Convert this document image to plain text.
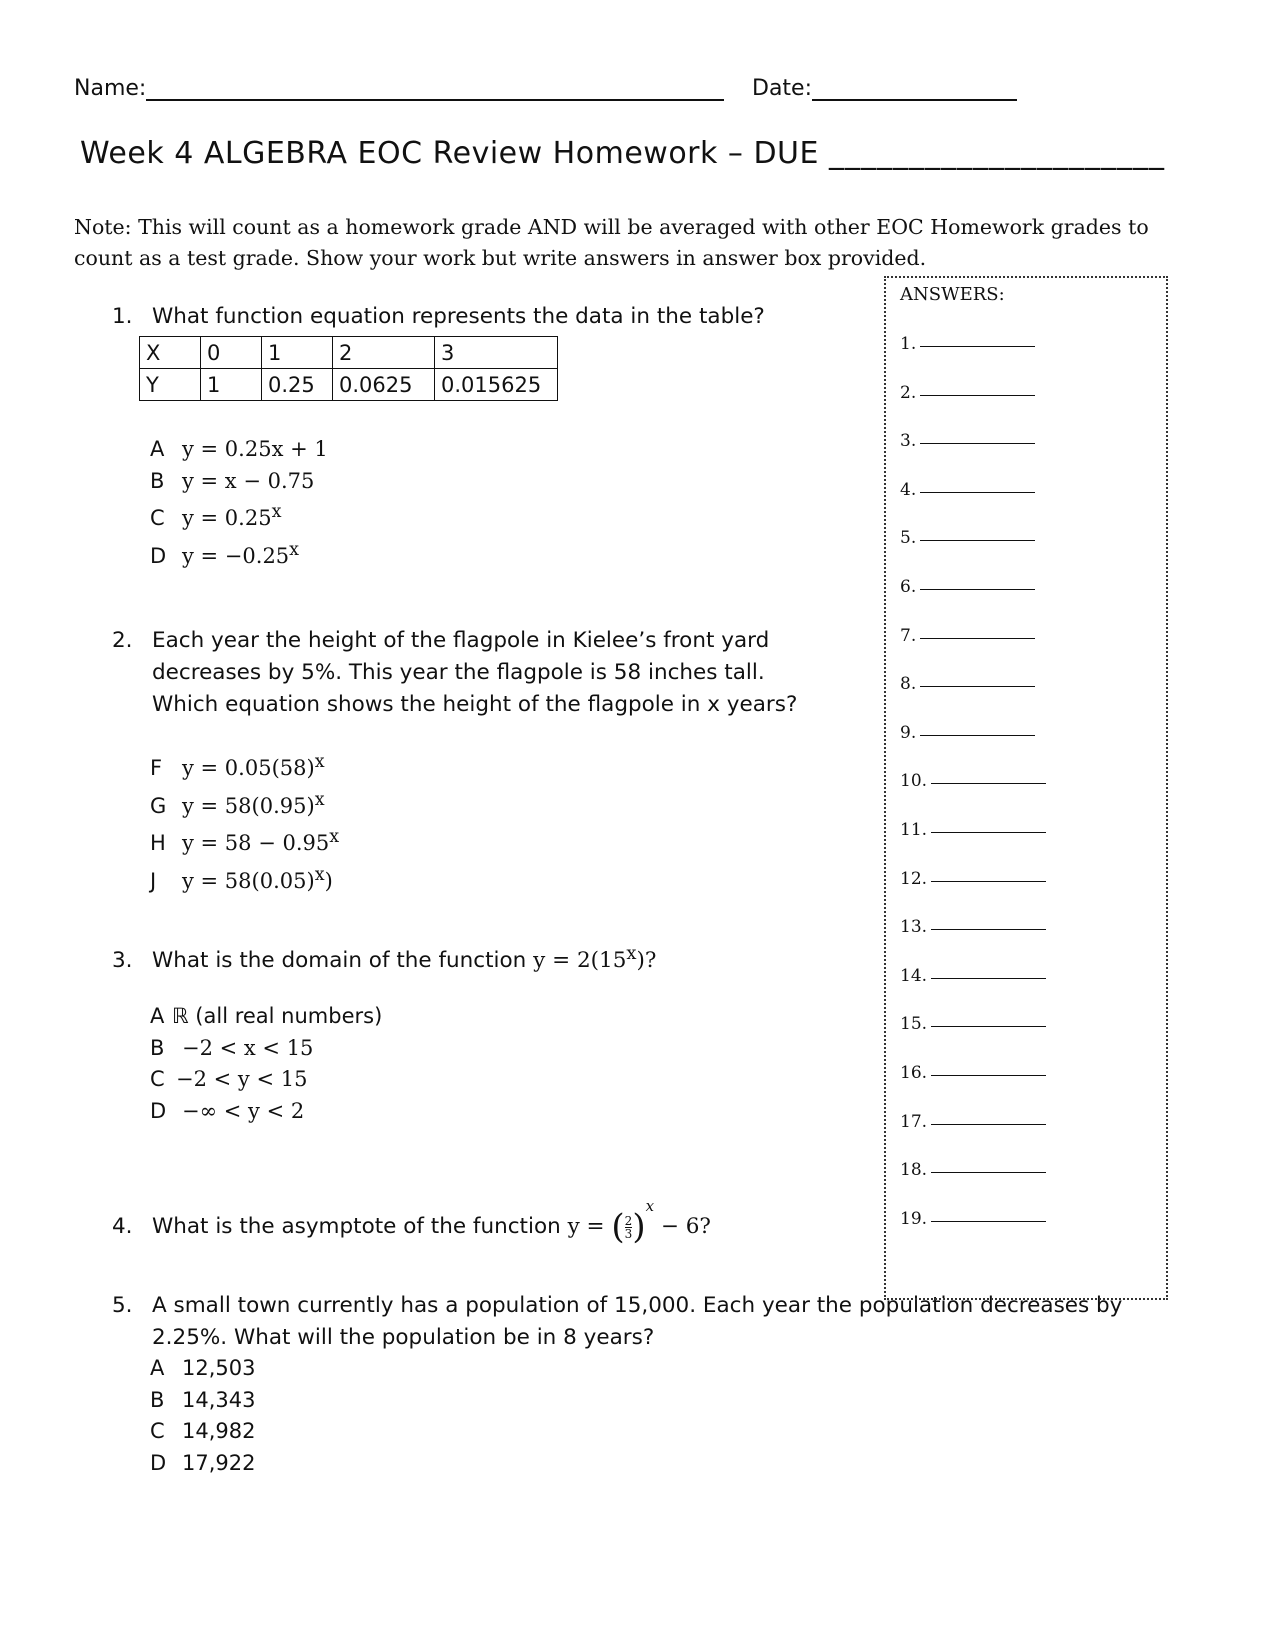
Name:	Date:
Week 4 ALGEBRA EOC Review Homework – DUE _____________________
Note: This will count as a homework grade AND will be averaged with other EOC Homework grades to count as a test grade. Show your work but write answers in answer box provided.
1. What function equation represents the data in the table?
X	0	1	2	3
Y	1	0.25	0.0625	0.015625
A y = 0.25x + 1
B y = x − 0.75
C $y = 0.25^x$
D $y = -0.25^x$
2. Each year the height of the flagpole in Kielee’s front yard
decreases by 5%. This year the flagpole is 58 inches tall.
Which equation shows the height of the flagpole in x years?
F $y = 0.05(58)^x$
G $y = 58(0.95)^x$
H $y = 58 - 0.95^x$
J $y = 58(0.05)^x$)
3. What is the domain of the function $y = 2(15^x)$?
A ℝ (all real numbers)
B −2 < x < 15
C −2 < y < 15
D −∞ < y < 2
4. What is the asymptote of the function y = ( $\frac{2}{3} )^x - 6$?
5. A small town currently has a population of 15,000. Each year the population decreases by
2.25%. What will the population be in 8 years?
A 12,503
B 14,343
C 14,982
D 17,922
ANSWERS:
1.
2.
3.
4.
5.
6.
7.
8.
9.
10.
11.
12.
13.
14.
15.
16.
17.
18.
19.
